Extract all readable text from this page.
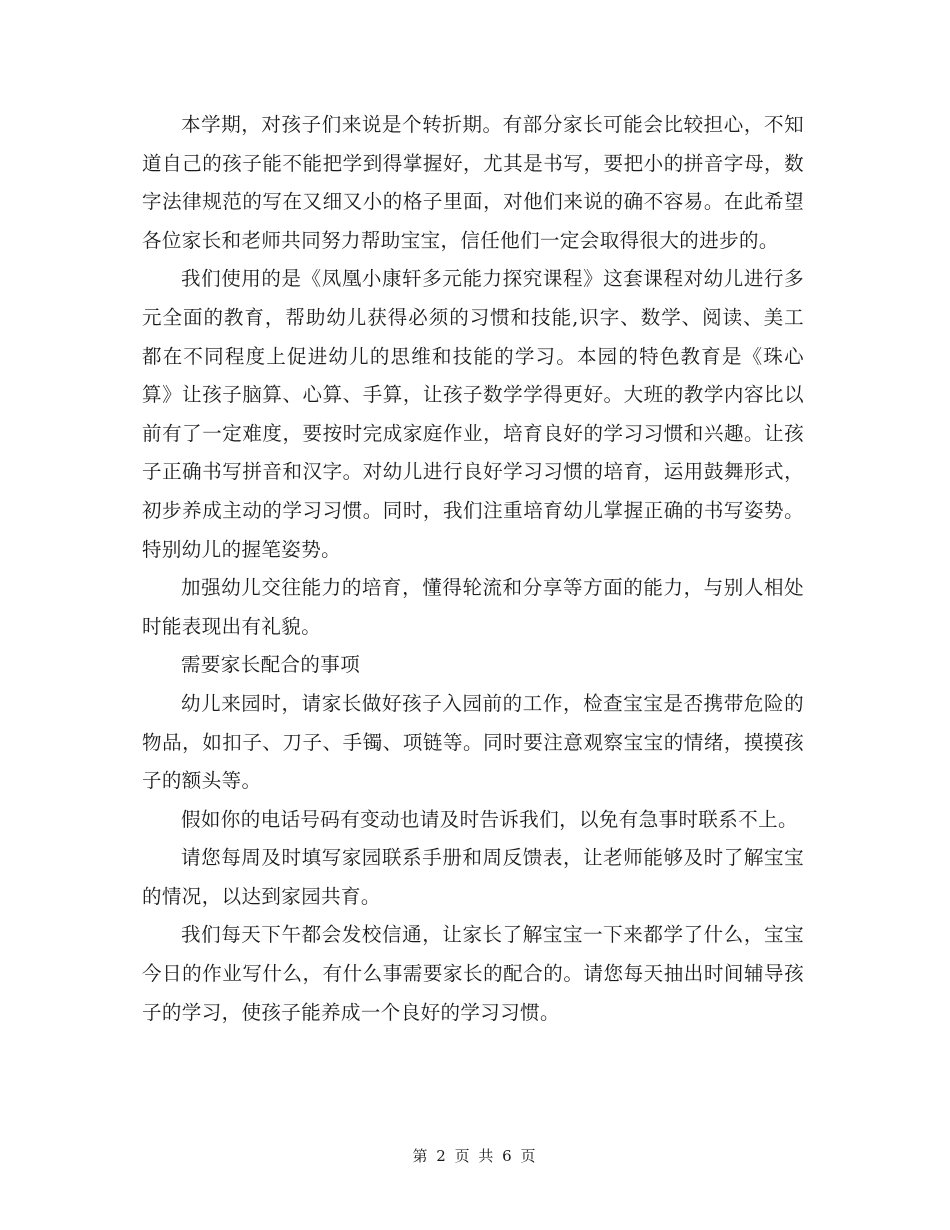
本学期，对孩子们来说是个转折期。有部分家长可能会比较担心，不知道自己的孩子能不能把学到得掌握好，尤其是书写，要把小的拼音字母，数字法律规范的写在又细又小的格子里面，对他们来说的确不容易。在此希望各位家长和老师共同努力帮助宝宝，信任他们一定会取得很大的进步的。

我们使用的是《凤凰小康轩多元能力探究课程》这套课程对幼儿进行多元全面的教育，帮助幼儿获得必须的习惯和技能,识字、数学、阅读、美工都在不同程度上促进幼儿的思维和技能的学习。本园的特色教育是《珠心算》让孩子脑算、心算、手算，让孩子数学学得更好。大班的教学内容比以前有了一定难度，要按时完成家庭作业，培育良好的学习习惯和兴趣。让孩子正确书写拼音和汉字。对幼儿进行良好学习习惯的培育，运用鼓舞形式，初步养成主动的学习习惯。同时，我们注重培育幼儿掌握正确的书写姿势。特别幼儿的握笔姿势。

加强幼儿交往能力的培育，懂得轮流和分享等方面的能力，与别人相处时能表现出有礼貌。

需要家长配合的事项

幼儿来园时，请家长做好孩子入园前的工作，检查宝宝是否携带危险的物品，如扣子、刀子、手镯、项链等。同时要注意观察宝宝的情绪，摸摸孩子的额头等。

假如你的电话号码有变动也请及时告诉我们，以免有急事时联系不上。

请您每周及时填写家园联系手册和周反馈表，让老师能够及时了解宝宝的情况，以达到家园共育。

我们每天下午都会发校信通，让家长了解宝宝一下来都学了什么，宝宝今日的作业写什么，有什么事需要家长的配合的。请您每天抽出时间辅导孩子的学习，使孩子能养成一个良好的学习习惯。

第 2 页 共 6 页
